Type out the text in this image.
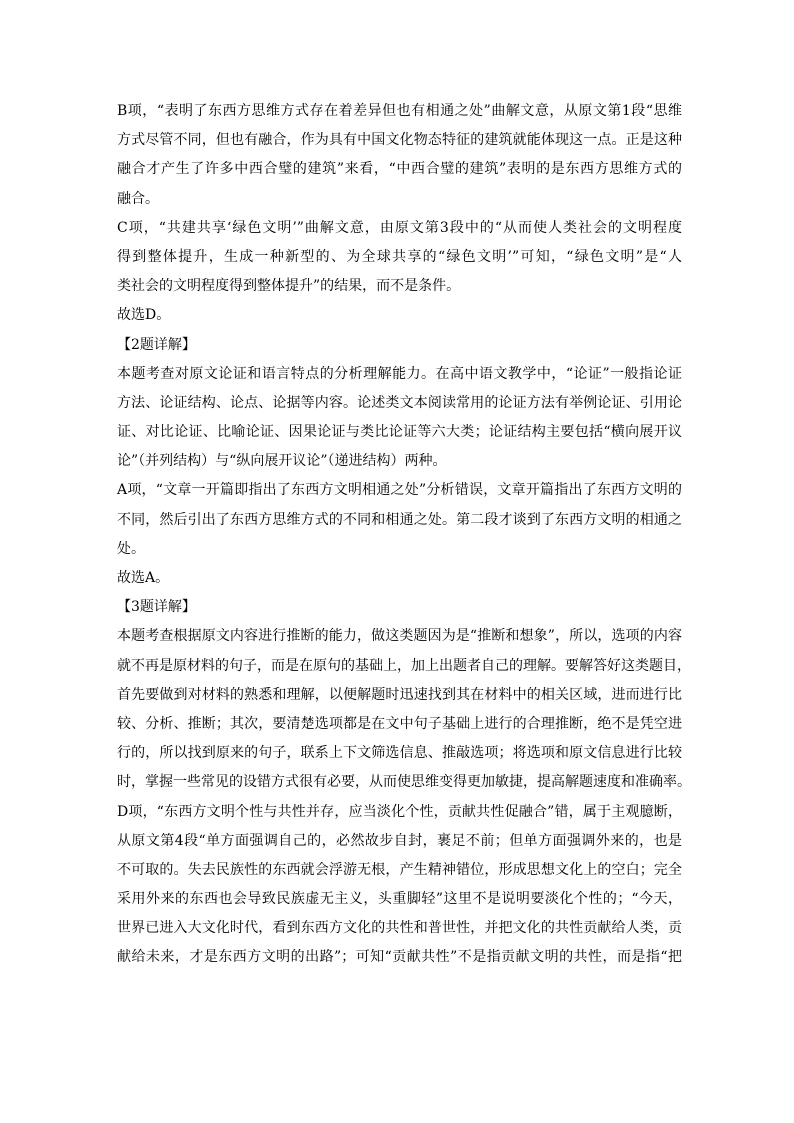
B项，“表明了东西方思维方式存在着差异但也有相通之处”曲解文意，从原文第1段“思维
方式尽管不同，但也有融合，作为具有中国文化物态特征的建筑就能体现这一点。正是这种
融合才产生了许多中西合璧的建筑”来看，“中西合璧的建筑”表明的是东西方思维方式的
融合。
C项，“共建共享‘绿色文明’”曲解文意，由原文第3段中的“从而使人类社会的文明程度
得到整体提升，生成一种新型的、为全球共享的“绿色文明’”可知，“绿色文明”是“人
类社会的文明程度得到整体提升”的结果，而不是条件。
故选D。
【2题详解】
本题考查对原文论证和语言特点的分析理解能力。在高中语文教学中，“论证”一般指论证
方法、论证结构、论点、论据等内容。论述类文本阅读常用的论证方法有举例论证、引用论
证、对比论证、比喻论证、因果论证与类比论证等六大类；论证结构主要包括“横向展开议
论”（并列结构）与“纵向展开议论”（递进结构）两种。
A项，“文章一开篇即指出了东西方文明相通之处”分析错误，文章开篇指出了东西方文明的
不同，然后引出了东西方思维方式的不同和相通之处。第二段才谈到了东西方文明的相通之
处。
故选A。
【3题详解】
本题考查根据原文内容进行推断的能力，做这类题因为是“推断和想象”，所以，选项的内容
就不再是原材料的句子，而是在原句的基础上，加上出题者自己的理解。要解答好这类题目，
首先要做到对材料的熟悉和理解，以便解题时迅速找到其在材料中的相关区域，进而进行比
较、分析、推断；其次，要清楚选项都是在文中句子基础上进行的合理推断，绝不是凭空进
行的，所以找到原来的句子，联系上下文筛选信息、推敲选项；将选项和原文信息进行比较
时，掌握一些常见的设错方式很有必要，从而使思维变得更加敏捷，提高解题速度和准确率。
D项，“东西方文明个性与共性并存，应当淡化个性，贡献共性促融合”错，属于主观臆断，
从原文第4段“单方面强调自己的，必然故步自封，裹足不前；但单方面强调外来的，也是
不可取的。失去民族性的东西就会浮游无根，产生精神错位，形成思想文化上的空白；完全
采用外来的东西也会导致民族虚无主义，头重脚轻”这里不是说明要淡化个性的；“今天，
世界已进入大文化时代，看到东西方文化的共性和普世性，并把文化的共性贡献给人类，贡
献给未来，才是东西方文明的出路”；可知“贡献共性”不是指贡献文明的共性，而是指“把
